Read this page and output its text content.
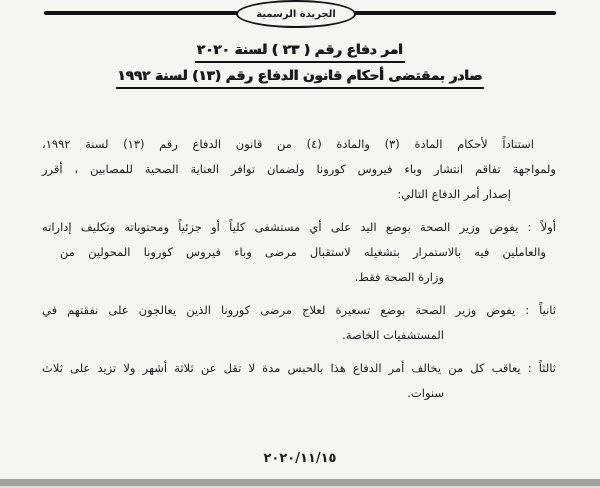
الجريدة الرسمية
امر دفاع رقم ( ٢٣ ) لسنة ٢٠٢٠
صادر بمقتضى أحكام قانون الدفاع رقم (١٣) لسنة ١٩٩٢
استناداً لأحكام المادة (٣) والمادة (٤) من قانون الدفاع رقم (١٣) لسنة ١٩٩٢،
ولمواجهة تفاقم انتشار وباء فيروس كورونا ولضمان توافر العناية الصحية للمصابين ، أقرر
إصدار أمر الدفاع التالي:
أولاً : يفوض وزير الصحة بوضع اليد على أي مستشفى كلياً أو جزئياً ومحتوياته وتكليف إداراته
والعاملين فيه بالاستمرار بتشغيله لاستقبال مرضى وباء فيروس كورونا المحولين من
وزارة الصحة فقط.
ثانياً : يفوض وزير الصحة بوضع تسعيرة لعلاج مرضى كورونا الذين يعالجون على نفقتهم في
المستشفيات الخاصة.
ثالثاً : يعاقب كل من يخالف أمر الدفاع هذا بالحبس مدة لا تقل عن ثلاثة أشهر ولا تزيد على ثلاث
سنوات.
٢٠٢٠/١١/١٥
